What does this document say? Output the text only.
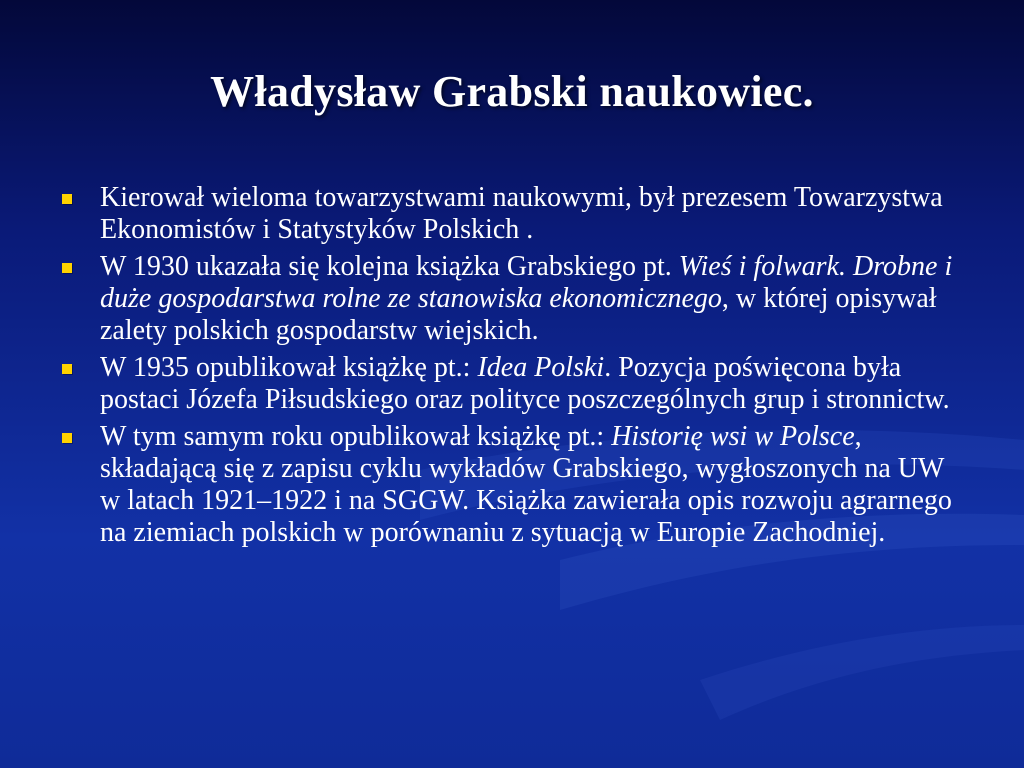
Władysław Grabski naukowiec.
Kierował wieloma towarzystwami naukowymi, był prezesem Towarzystwa Ekonomistów i Statystyków Polskich .
W 1930 ukazała się kolejna książka Grabskiego pt. Wieś i folwark. Drobne i duże gospodarstwa rolne ze stanowiska ekonomicznego, w której opisywał zalety polskich gospodarstw wiejskich.
W 1935 opublikował książkę pt.: Idea Polski. Pozycja poświęcona była postaci Józefa Piłsudskiego oraz polityce poszczególnych grup i stronnictw.
W tym samym roku opublikował książkę pt.: Historię wsi w Polsce, składającą się z zapisu cyklu wykładów Grabskiego, wygłoszonych na UW w latach 1921–1922 i na SGGW. Książka zawierała opis rozwoju agrarnego na ziemiach polskich w porównaniu z sytuacją w Europie Zachodniej.
